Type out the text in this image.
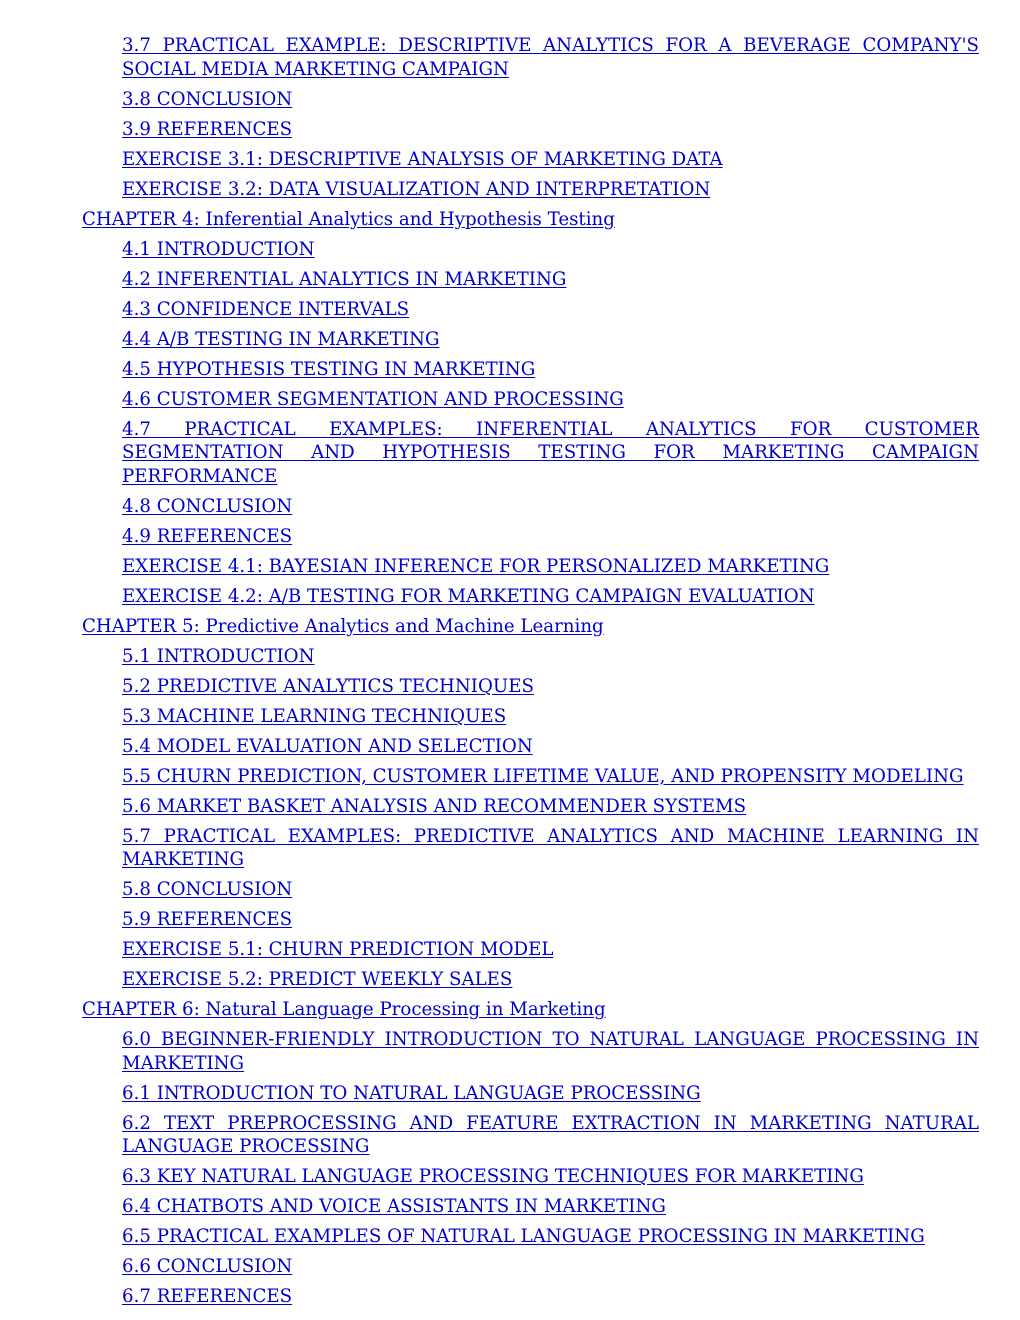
3.7 PRACTICAL EXAMPLE: DESCRIPTIVE ANALYTICS FOR A BEVERAGE COMPANY'S SOCIAL MEDIA MARKETING CAMPAIGN
3.8 CONCLUSION
3.9 REFERENCES
EXERCISE 3.1: DESCRIPTIVE ANALYSIS OF MARKETING DATA
EXERCISE 3.2: DATA VISUALIZATION AND INTERPRETATION
CHAPTER 4: Inferential Analytics and Hypothesis Testing
4.1 INTRODUCTION
4.2 INFERENTIAL ANALYTICS IN MARKETING
4.3 CONFIDENCE INTERVALS
4.4 A/B TESTING IN MARKETING
4.5 HYPOTHESIS TESTING IN MARKETING
4.6 CUSTOMER SEGMENTATION AND PROCESSING
4.7 PRACTICAL EXAMPLES: INFERENTIAL ANALYTICS FOR CUSTOMER SEGMENTATION AND HYPOTHESIS TESTING FOR MARKETING CAMPAIGN PERFORMANCE
4.8 CONCLUSION
4.9 REFERENCES
EXERCISE 4.1: BAYESIAN INFERENCE FOR PERSONALIZED MARKETING
EXERCISE 4.2: A/B TESTING FOR MARKETING CAMPAIGN EVALUATION
CHAPTER 5: Predictive Analytics and Machine Learning
5.1 INTRODUCTION
5.2 PREDICTIVE ANALYTICS TECHNIQUES
5.3 MACHINE LEARNING TECHNIQUES
5.4 MODEL EVALUATION AND SELECTION
5.5 CHURN PREDICTION, CUSTOMER LIFETIME VALUE, AND PROPENSITY MODELING
5.6 MARKET BASKET ANALYSIS AND RECOMMENDER SYSTEMS
5.7 PRACTICAL EXAMPLES: PREDICTIVE ANALYTICS AND MACHINE LEARNING IN MARKETING
5.8 CONCLUSION
5.9 REFERENCES
EXERCISE 5.1: CHURN PREDICTION MODEL
EXERCISE 5.2: PREDICT WEEKLY SALES
CHAPTER 6: Natural Language Processing in Marketing
6.0 BEGINNER-FRIENDLY INTRODUCTION TO NATURAL LANGUAGE PROCESSING IN MARKETING
6.1 INTRODUCTION TO NATURAL LANGUAGE PROCESSING
6.2 TEXT PREPROCESSING AND FEATURE EXTRACTION IN MARKETING NATURAL LANGUAGE PROCESSING
6.3 KEY NATURAL LANGUAGE PROCESSING TECHNIQUES FOR MARKETING
6.4 CHATBOTS AND VOICE ASSISTANTS IN MARKETING
6.5 PRACTICAL EXAMPLES OF NATURAL LANGUAGE PROCESSING IN MARKETING
6.6 CONCLUSION
6.7 REFERENCES
